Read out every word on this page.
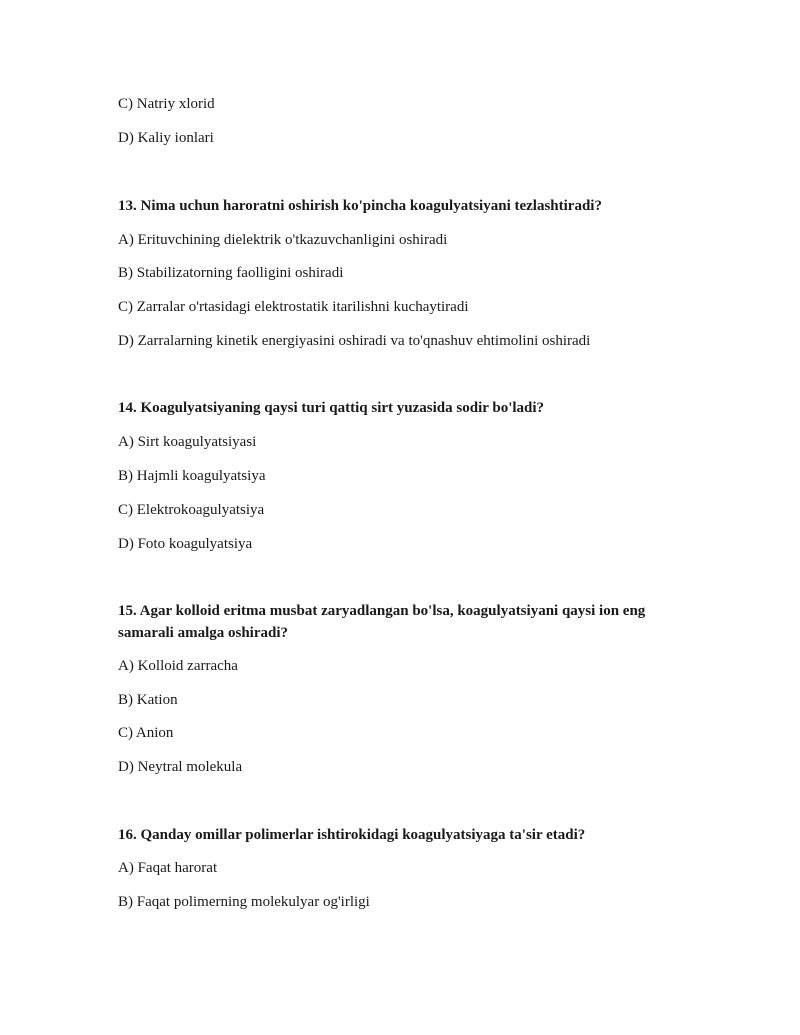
C) Natriy xlorid
D) Kaliy ionlari
13. Nima uchun haroratni oshirish ko'pincha koagulyatsiyani tezlashtiradi?
A) Erituvchining dielektrik o'tkazuvchanligini oshiradi
B) Stabilizatorning faolligini oshiradi
C) Zarralar o'rtasidagi elektrostatik itarilishni kuchaytiradi
D) Zarralarning kinetik energiyasini oshiradi va to'qnashuv ehtimolini oshiradi
14. Koagulyatsiyaning qaysi turi qattiq sirt yuzasida sodir bo'ladi?
A) Sirt koagulyatsiyasi
B) Hajmli koagulyatsiya
C) Elektrokoagulyatsiya
D) Foto koagulyatsiya
15. Agar kolloid eritma musbat zaryadlangan bo'lsa, koagulyatsiyani qaysi ion eng samarali amalga oshiradi?
A) Kolloid zarracha
B) Kation
C) Anion
D) Neytral molekula
16. Qanday omillar polimerlar ishtirokidagi koagulyatsiyaga ta'sir etadi?
A) Faqat harorat
B) Faqat polimerning molekulyar og'irligi
